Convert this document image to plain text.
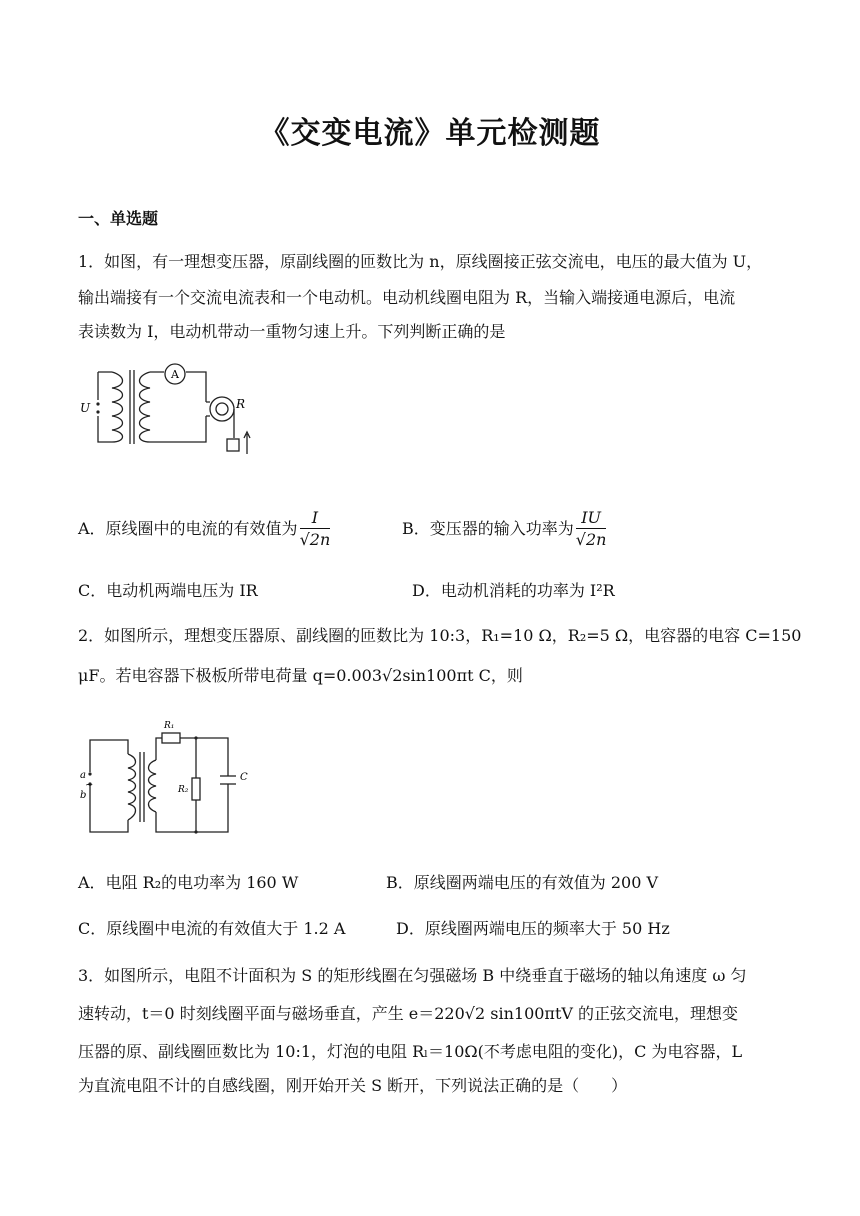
《交变电流》单元检测题
一、单选题
1．如图，有一理想变压器，原副线圈的匝数比为 n，原线圈接正弦交流电，电压的最大值为 U，
输出端接有一个交流电流表和一个电动机。电动机线圈电阻为 R，当输入端接通电源后，电流
表读数为 I，电动机带动一重物匀速上升。下列判断正确的是
U
A
R
A．原线圈中的电流的有效值为 $\frac{I}{√2n}$	B．变压器的输入功率为 $\frac{IU}{√2n}$
C．电动机两端电压为 IR	D．电动机消耗的功率为 I²R
2．如图所示，理想变压器原、副线圈的匝数比为 10:3，R₁=10 Ω，R₂=5 Ω，电容器的电容 C=150
μF。若电容器下极板所带电荷量 q=0.003√2sin100πt C，则
R₁
R₂
C
a
b
~
A．电阻 R₂的电功率为 160 W	B．原线圈两端电压的有效值为 200 V
C．原线圈中电流的有效值大于 1.2 A	D．原线圈两端电压的频率大于 50 Hz
3．如图所示，电阻不计面积为 S 的矩形线圈在匀强磁场 B 中绕垂直于磁场的轴以角速度 ω 匀
速转动，t＝0 时刻线圈平面与磁场垂直，产生 e＝220√2 sin100πtV 的正弦交流电，理想变
压器的原、副线圈匝数比为 10:1，灯泡的电阻 Rₗ＝10Ω(不考虑电阻的变化)，C 为电容器，L
为直流电阻不计的自感线圈，刚开始开关 S 断开，下列说法正确的是（　　）
